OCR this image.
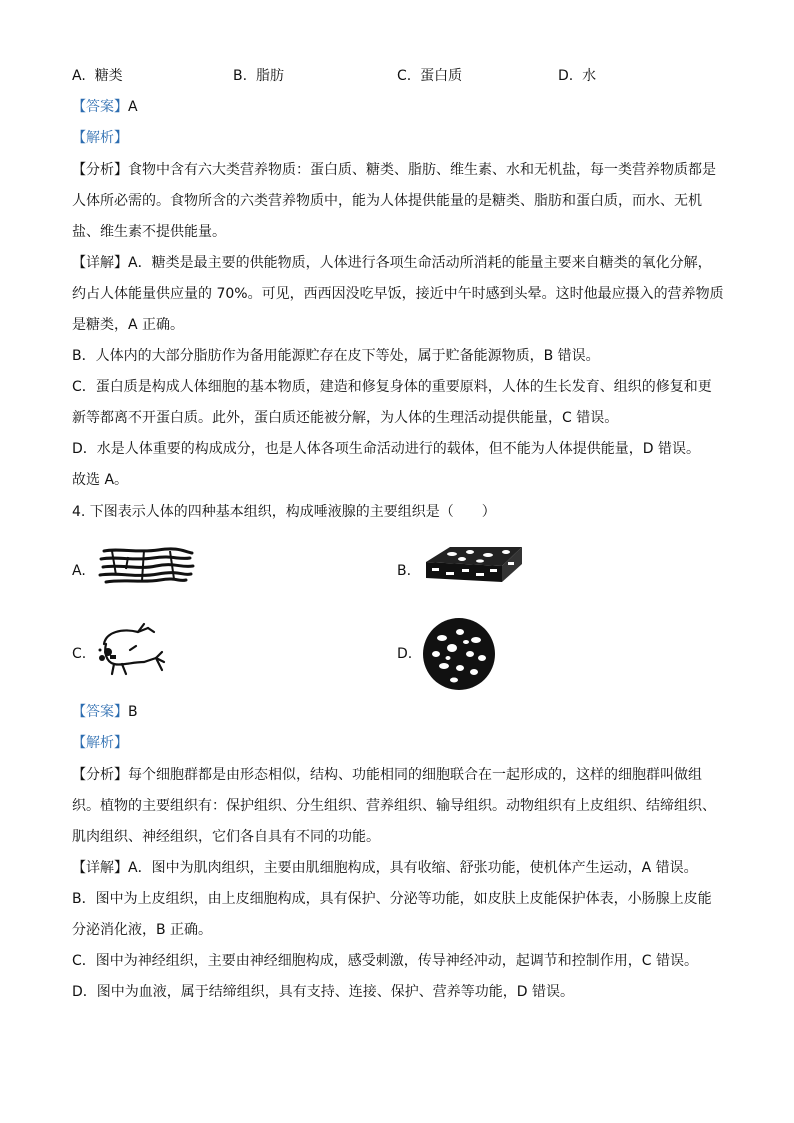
A. 糖类	B. 脂肪	C. 蛋白质	D. 水
【答案】A
【解析】
【分析】食物中含有六大类营养物质：蛋白质、糖类、脂肪、维生素、水和无机盐，每一类营养物质都是
人体所必需的。食物所含的六类营养物质中，能为人体提供能量的是糖类、脂肪和蛋白质，而水、无机
盐、维生素不提供能量。
【详解】A．糖类是最主要的供能物质，人体进行各项生命活动所消耗的能量主要来自糖类的氧化分解，
约占人体能量供应量的 70%。可见，西西因没吃早饭，接近中午时感到头晕。这时他最应摄入的营养物质
是糖类，A 正确。
B．人体内的大部分脂肪作为备用能源贮存在皮下等处，属于贮备能源物质，B 错误。
C．蛋白质是构成人体细胞的基本物质，建造和修复身体的重要原料，人体的生长发育、组织的修复和更
新等都离不开蛋白质。此外，蛋白质还能被分解，为人体的生理活动提供能量，C 错误。
D．水是人体重要的构成成分，也是人体各项生命活动进行的载体，但不能为人体提供能量，D 错误。
故选 A。
4. 下图表示人体的四种基本组织，构成唾液腺的主要组织是（　　）
A.	B.
C.	D.
【答案】B
【解析】
【分析】每个细胞群都是由形态相似，结构、功能相同的细胞联合在一起形成的，这样的细胞群叫做组
织。植物的主要组织有：保护组织、分生组织、营养组织、输导组织。动物组织有上皮组织、结缔组织、
肌肉组织、神经组织，它们各自具有不同的功能。
【详解】A．图中为肌肉组织，主要由肌细胞构成，具有收缩、舒张功能，使机体产生运动，A 错误。
B．图中为上皮组织，由上皮细胞构成，具有保护、分泌等功能，如皮肤上皮能保护体表，小肠腺上皮能
分泌消化液，B 正确。
C．图中为神经组织，主要由神经细胞构成，感受刺激，传导神经冲动，起调节和控制作用，C 错误。
D．图中为血液，属于结缔组织，具有支持、连接、保护、营养等功能，D 错误。
